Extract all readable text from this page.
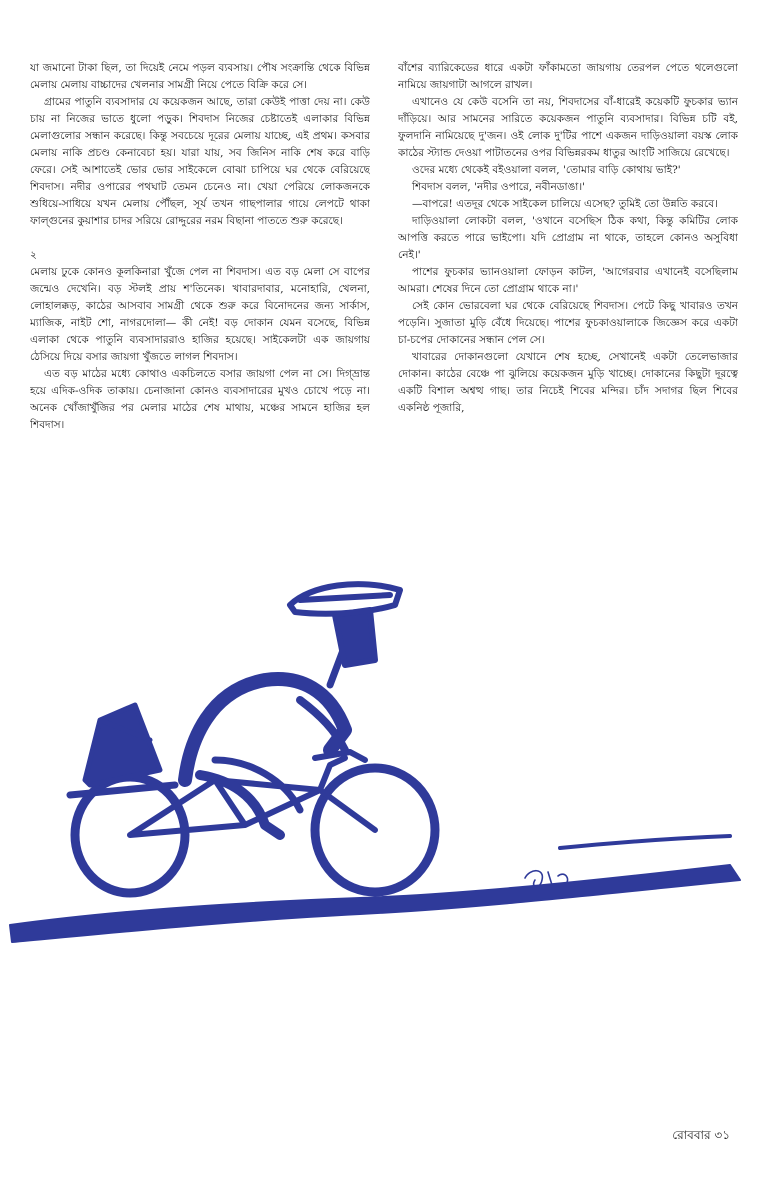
যা জমানো টাকা ছিল, তা দিয়েই নেমে পড়ল ব্যবসায়। পৌষ সংক্রান্তি থেকে বিভিন্ন মেলায় মেলায় বাচ্চাদের খেলনার সামগ্রী নিয়ে পেতে বিক্রি করে সে।

গ্রামের পাতুনি ব্যবসাদার যে কয়েকজন আছে, তারা কেউই পাত্তা দেয় না। কেউ চায় না নিজের ভাতে ধুলো পড়ুক। শিবদাস নিজের চেষ্টাতেই এলাকার বিভিন্ন মেলাগুলোর সন্ধান করেছে। কিন্তু সবচেয়ে দূরের মেলায় যাচ্ছে, এই প্রথম। কসবার মেলায় নাকি প্রচণ্ড কেনাবেচা হয়। যারা যায়, সব জিনিস নাকি শেষ করে বাড়ি ফেরে। সেই আশাতেই ভোর ভোর সাইকেলে বোঝা চাপিয়ে ঘর থেকে বেরিয়েছে শিবদাস। নদীর ওপারের পথঘাট তেমন চেনেও না। খেয়া পেরিয়ে লোকজনকে শুধিয়ে-সাধিয়ে যখন মেলায় পৌঁছল, সূর্য তখন গাছপালার গায়ে লেপটে থাকা ফাল্গুনের কুয়াশার চাদর সরিয়ে রোদ্দুরের নরম বিছানা পাততে শুরু করেছে।

২

মেলায় ঢুকে কোনও কূলকিনারা খুঁজে পেল না শিবদাস। এত বড় মেলা সে বাপের জন্মেও দেখেনি। বড় স্টলই প্রায় শ'তিনেক। খাবারদাবার, মনোহারি, খেলনা, লোহালক্কড়, কাঠের আসবাব সামগ্রী থেকে শুরু করে বিনোদনের জন্য সার্কাস, ম্যাজিক, নাইট শো, নাগরদোলা— কী নেই! বড় দোকান যেমন বসেছে, বিভিন্ন এলাকা থেকে পাতুনি ব্যবসাদাররাও হাজির হয়েছে। সাইকেলটা এক জায়গায় ঠেসিয়ে দিয়ে বসার জায়গা খুঁজতে লাগল শিবদাস।

এত বড় মাঠের মধ্যে কোথাও একচিলতে বসার জায়গা পেল না সে। দিগ্‌ভ্রান্ত হয়ে এদিক-ওদিক তাকায়। চেনাজানা কোনও ব্যবসাদারের মুখও চোখে পড়ে না। অনেক খোঁজাখুঁজির পর মেলার মাঠের শেষ মাথায়, মঞ্চের সামনে হাজির হল শিবদাস।

বাঁশের ব্যারিকেডের ধারে একটা ফাঁকামতো জায়গায় তেরপল পেতে থলেগুলো নামিয়ে জায়গাটা আগলে রাখল।

এখানেও যে কেউ বসেনি তা নয়, শিবদাসের বাঁ-ধারেই কয়েকটি ফুচকার ভ্যান দাঁড়িয়ে। আর সামনের সারিতে কয়েকজন পাতুনি ব্যবসাদার। বিভিন্ন চটি বই, ফুলদানি নামিয়েছে দু'জন। ওই লোক দু'টির পাশে একজন দাড়িওয়ালা বয়স্ক লোক কাঠের স্ট্যান্ড দেওয়া পাটাতনের ওপর বিভিন্নরকম ধাতুর আংটি সাজিয়ে রেখেছে।

ওদের মধ্যে থেকেই বইওয়ালা বলল, 'তোমার বাড়ি কোথায় ভাই?'

শিবদাস বলল, 'নদীর ওপারে, নবীনডাঙা।'

—বাপরে! এতদূর থেকে সাইকেল চালিয়ে এসেছ? তুমিই তো উন্নতি করবে।

দাড়িওয়ালা লোকটা বলল, 'ওখানে বসেছিস ঠিক কথা, কিন্তু কমিটির লোক আপত্তি করতে পারে ভাইপো। যদি প্রোগ্রাম না থাকে, তাহলে কোনও অসুবিধা নেই।'

পাশের ফুচকার ভ্যানওয়ালা ফোড়ন কাটল, 'আগেরবার এখানেই বসেছিলাম আমরা। শেষের দিনে তো প্রোগ্রাম থাকে না।'

সেই কোন ভোরবেলা ঘর থেকে বেরিয়েছে শিবদাস। পেটে কিছু খাবারও তখন পড়েনি। সুজাতা মুড়ি বেঁধে দিয়েছে। পাশের ফুচকাওয়ালাকে জিজ্ঞেস করে একটা চা-চপের দোকানের সন্ধান পেল সে।

খাবারের দোকানগুলো যেখানে শেষ হচ্ছে, সেখানেই একটা তেলেভাজার দোকান। কাঠের বেঞ্চে পা ঝুলিয়ে কয়েকজন মুড়ি খাচ্ছে। দোকানের কিছুটা দূরত্বে একটি বিশাল অশ্বত্থ গাছ। তার নিচেই শিবের মন্দির। চাঁদ সদাগর ছিল শিবের একনিষ্ঠ পূজারি,

রোববার ৩১
